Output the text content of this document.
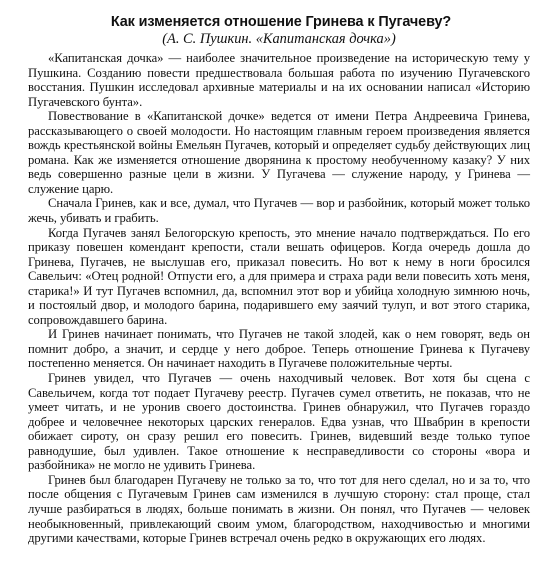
Как изменяется отношение Гринева к Пугачеву?
(А. С. Пушкин. «Капитанская дочка»)

«Капитанская дочка» — наиболее значительное произведение на историческую тему у Пушкина. Созданию повести предшествовала большая работа по изучению Пугачевского восстания. Пушкин исследовал архивные материалы и на их основании написал «Историю Пугачевского бунта».

Повествование в «Капитанской дочке» ведется от имени Петра Андреевича Гринева, рассказывающего о своей молодости. Но настоящим главным героем произведения является вождь крестьянской войны Емельян Пугачев, который и определяет судьбу действующих лиц романа. Как же изменяется отношение дворянина к простому необученному казаку? У них ведь совершенно разные цели в жизни. У Пугачева — служение народу, у Гринева — служение царю.

Сначала Гринев, как и все, думал, что Пугачев — вор и разбойник, который может только жечь, убивать и грабить.

Когда Пугачев занял Белогорскую крепость, это мнение начало подтверждаться. По его приказу повешен комендант крепости, стали вешать офицеров. Когда очередь дошла до Гринева, Пугачев, не выслушав его, приказал повесить. Но вот к нему в ноги бросился Савельич: «Отец родной! Отпусти его, а для примера и страха ради вели повесить хоть меня, старика!» И тут Пугачев вспомнил, да, вспомнил этот вор и убийца холодную зимнюю ночь, и постоялый двор, и молодого барина, подарившего ему заячий тулуп, и вот этого старика, сопровождавшего барина.

И Гринев начинает понимать, что Пугачев не такой злодей, как о нем говорят, ведь он помнит добро, а значит, и сердце у него доброе. Теперь отношение Гринева к Пугачеву постепенно меняется. Он начинает находить в Пугачеве положительные черты.

Гринев увидел, что Пугачев — очень находчивый человек. Вот хотя бы сцена с Савельичем, когда тот подает Пугачеву реестр. Пугачев сумел ответить, не показав, что не умеет читать, и не уронив своего достоинства. Гринев обнаружил, что Пугачев гораздо добрее и человечнее некоторых царских генералов. Едва узнав, что Швабрин в крепости обижает сироту, он сразу решил его повесить. Гринев, видевший везде только тупое равнодушие, был удивлен. Такое отношение к несправедливости со стороны «вора и разбойника» не могло не удивить Гринева.

Гринев был благодарен Пугачеву не только за то, что тот для него сделал, но и за то, что после общения с Пугачевым Гринев сам изменился в лучшую сторону: стал проще, стал лучше разбираться в людях, больше понимать в жизни. Он понял, что Пугачев — человек необыкновенный, привлекающий своим умом, благородством, находчивостью и многими другими качествами, которые Гринев встречал очень редко в окружающих его людях.
